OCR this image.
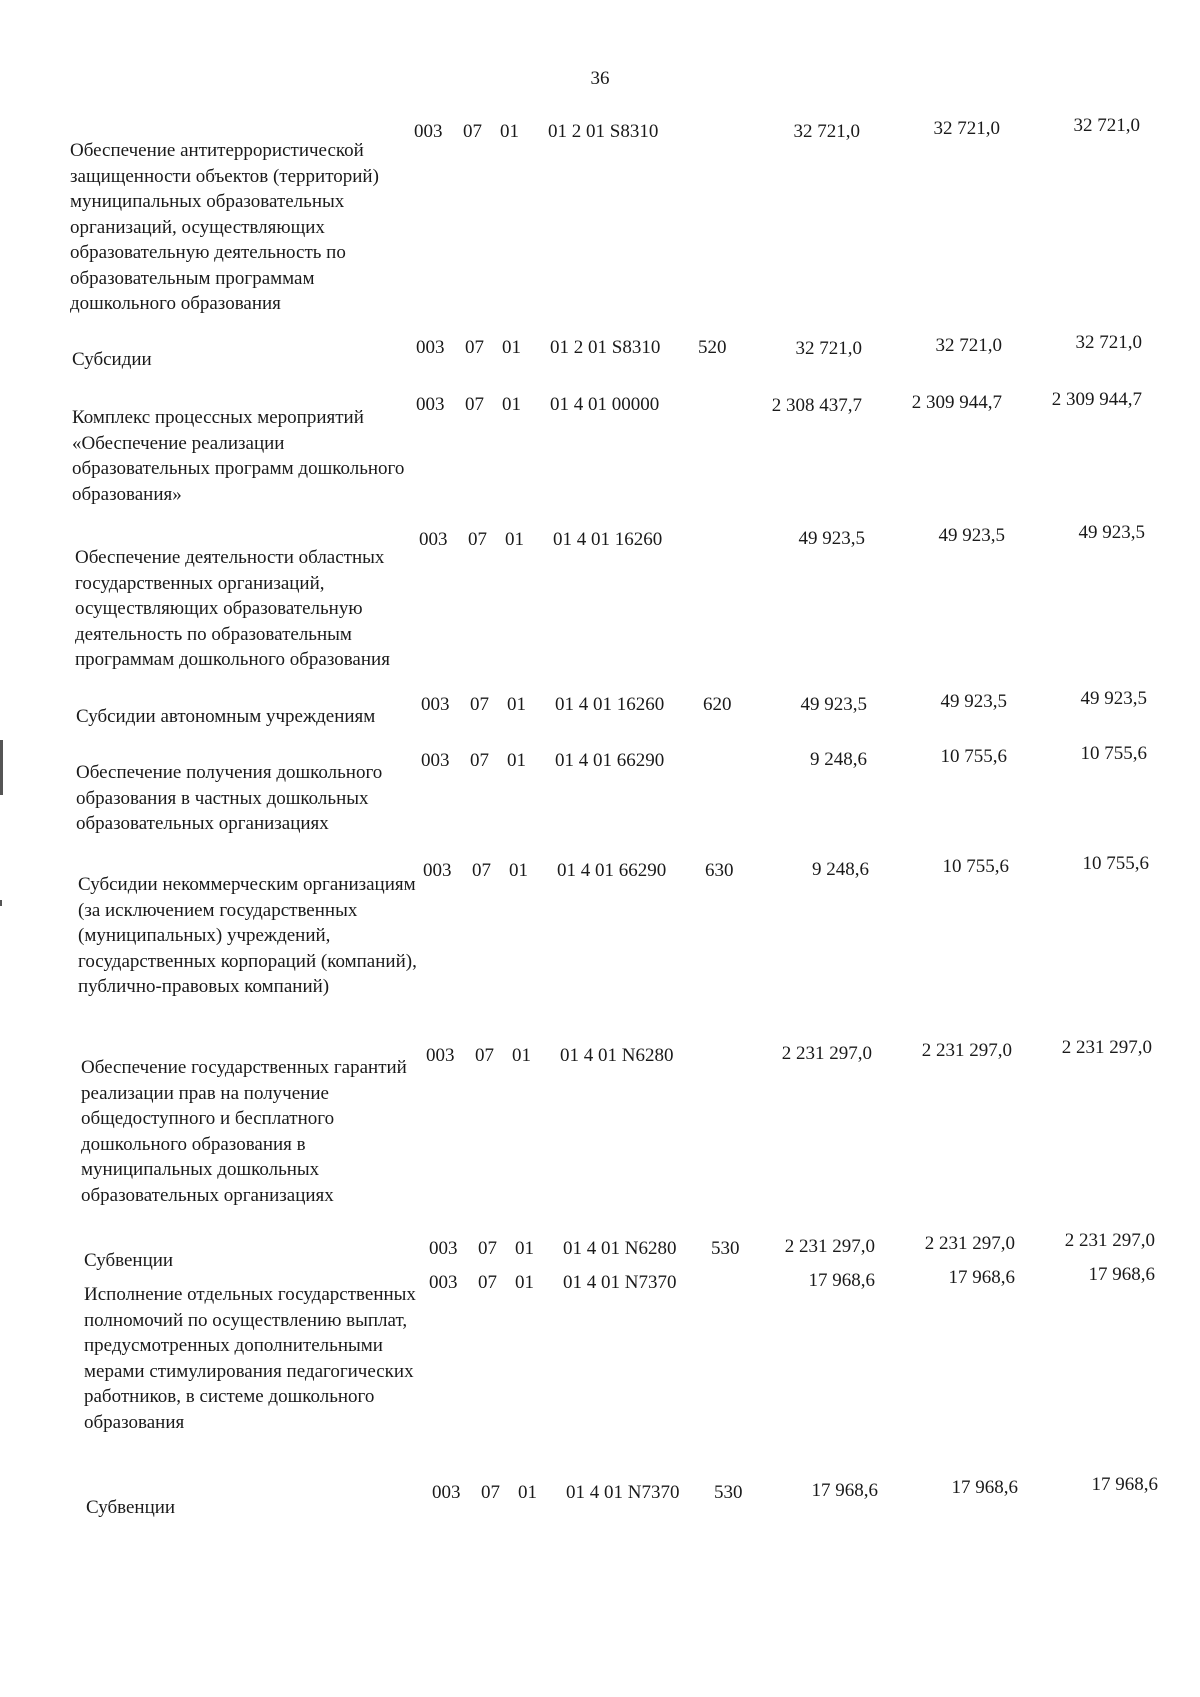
36
Обеспечение антитеррористической защищенности объектов (территорий) муниципальных образовательных организаций, осуществляющих образовательную деятельность по образовательным программам дошкольного образования
003 07 01 01 2 01 S8310	32 721,0	32 721,0	32 721,0
Субсидии
003 07 01 01 2 01 S8310 520	32 721,0	32 721,0	32 721,0
Комплекс процессных мероприятий «Обеспечение реализации образовательных программ дошкольного образования»
003 07 01 01 4 01 00000	2 308 437,7	2 309 944,7	2 309 944,7
Обеспечение деятельности областных государственных организаций, осуществляющих образовательную деятельность по образовательным программам дошкольного образования
003 07 01 01 4 01 16260	49 923,5	49 923,5	49 923,5
Субсидии автономным учреждениям
003 07 01 01 4 01 16260 620	49 923,5	49 923,5	49 923,5
Обеспечение получения дошкольного образования в частных дошкольных образовательных организациях
003 07 01 01 4 01 66290	9 248,6	10 755,6	10 755,6
Субсидии некоммерческим организациям (за исключением государственных (муниципальных) учреждений, государственных корпораций (компаний), публично-правовых компаний)
003 07 01 01 4 01 66290 630	9 248,6	10 755,6	10 755,6
Обеспечение государственных гарантий реализации прав на получение общедоступного и бесплатного дошкольного образования в муниципальных дошкольных образовательных организациях
003 07 01 01 4 01 N6280	2 231 297,0	2 231 297,0	2 231 297,0
Субвенции
003 07 01 01 4 01 N6280 530	2 231 297,0	2 231 297,0	2 231 297,0
Исполнение отдельных государственных полномочий по осуществлению выплат, предусмотренных дополнительными мерами стимулирования педагогических работников, в системе дошкольного образования
003 07 01 01 4 01 N7370	17 968,6	17 968,6	17 968,6
Субвенции
003 07 01 01 4 01 N7370 530	17 968,6	17 968,6	17 968,6
